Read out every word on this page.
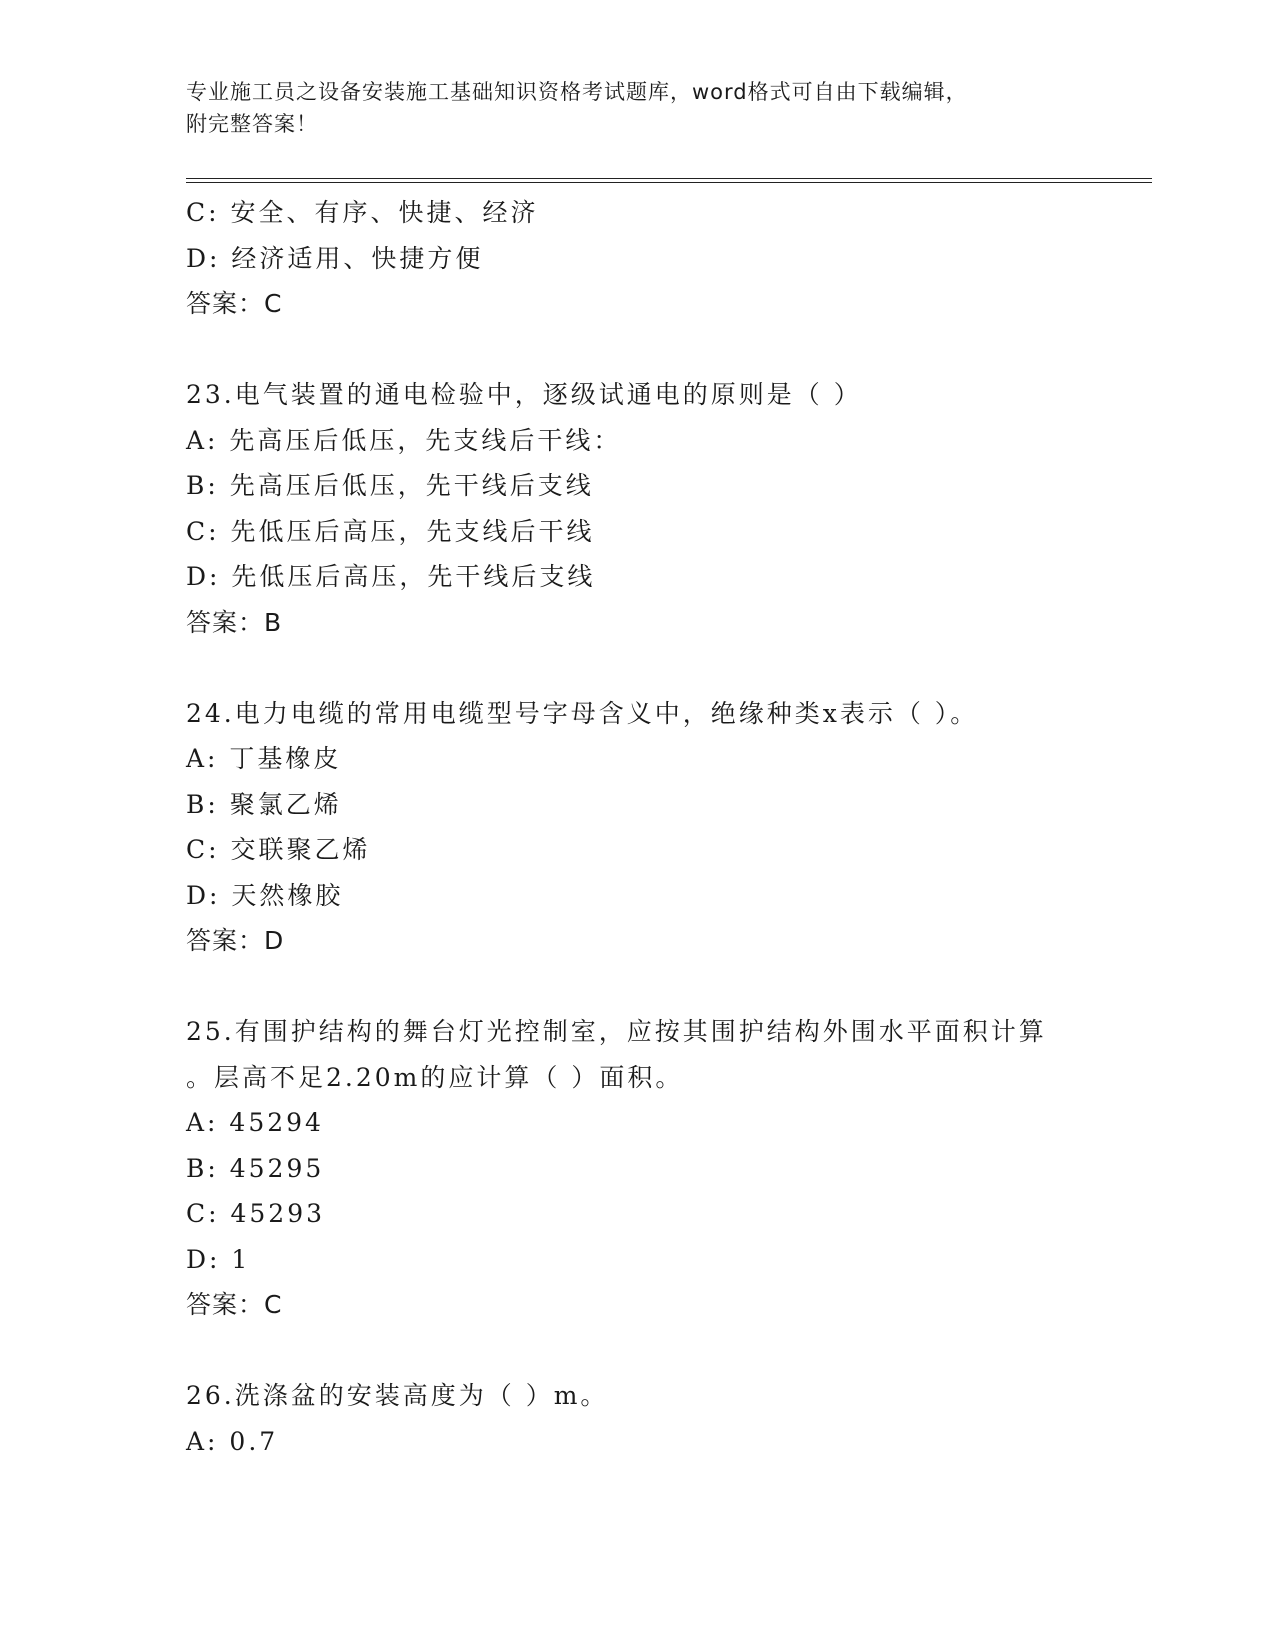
专业施工员之设备安装施工基础知识资格考试题库，word格式可自由下载编辑，
附完整答案！
C: 安全、有序、快捷、经济
D: 经济适用、快捷方便
答案：C
23.电气装置的通电检验中，逐级试通电的原则是（ ）
A: 先高压后低压，先支线后干线：
B: 先高压后低压，先干线后支线
C: 先低压后高压，先支线后干线
D: 先低压后高压，先干线后支线
答案：B
24.电力电缆的常用电缆型号字母含义中，绝缘种类x表示（ ）。
A: 丁基橡皮
B: 聚氯乙烯
C: 交联聚乙烯
D: 天然橡胶
答案：D
25.有围护结构的舞台灯光控制室，应按其围护结构外围水平面积计算
。层高不足2.20m的应计算（ ）面积。
A: 45294
B: 45295
C: 45293
D: 1
答案：C
26.洗涤盆的安装高度为（ ）m。
A: 0.7
